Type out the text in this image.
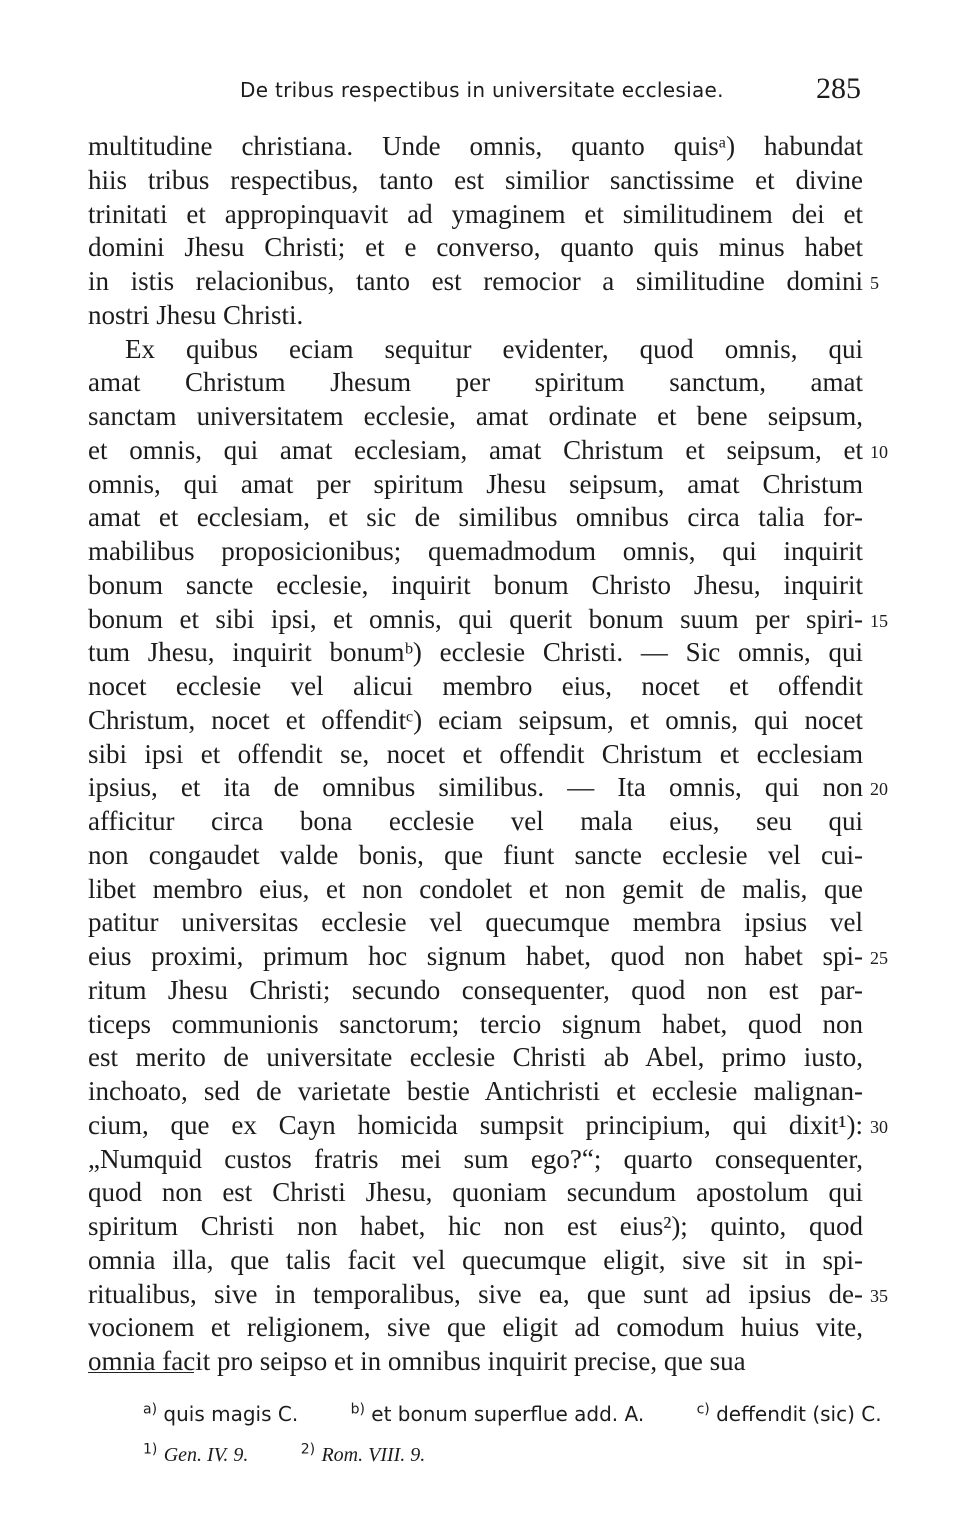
De tribus respectibus in universitate ecclesiae.	285
multitudine christiana. Unde omnis, quanto quisᵃ) habundat
hiis tribus respectibus, tanto est similior sanctissime et divine
trinitati et appropinquavit ad ymaginem et similitudinem dei et
domini Jhesu Christi; et e converso, quanto quis minus habet
in istis relacionibus, tanto est remocior a similitudine domini
nostri Jhesu Christi.
Ex quibus eciam sequitur evidenter, quod omnis, qui
amat Christum Jhesum per spiritum sanctum, amat
sanctam universitatem ecclesie, amat ordinate et bene seipsum,
et omnis, qui amat ecclesiam, amat Christum et seipsum, et
omnis, qui amat per spiritum Jhesu seipsum, amat Christum
amat et ecclesiam, et sic de similibus omnibus circa talia for-
mabilibus proposicionibus; quemadmodum omnis, qui inquirit
bonum sancte ecclesie, inquirit bonum Christo Jhesu, inquirit
bonum et sibi ipsi, et omnis, qui querit bonum suum per spiri-
tum Jhesu, inquirit bonumᵇ) ecclesie Christi. — Sic omnis, qui
nocet ecclesie vel alicui membro eius, nocet et offendit
Christum, nocet et offenditᶜ) eciam seipsum, et omnis, qui nocet
sibi ipsi et offendit se, nocet et offendit Christum et ecclesiam
ipsius, et ita de omnibus similibus. — Ita omnis, qui non
afficitur circa bona ecclesie vel mala eius, seu qui
non congaudet valde bonis, que fiunt sancte ecclesie vel cui-
libet membro eius, et non condolet et non gemit de malis, que
patitur universitas ecclesie vel quecumque membra ipsius vel
eius proximi, primum hoc signum habet, quod non habet spi-
ritum Jhesu Christi; secundo consequenter, quod non est par-
ticeps communionis sanctorum; tercio signum habet, quod non
est merito de universitate ecclesie Christi ab Abel, primo iusto,
inchoato, sed de varietate bestie Antichristi et ecclesie malignan-
cium, que ex Cayn homicida sumpsit principium, qui dixit¹):
„Numquid custos fratris mei sum ego?“; quarto consequenter,
quod non est Christi Jhesu, quoniam secundum apostolum qui
spiritum Christi non habet, hic non est eius²); quinto, quod
omnia illa, que talis facit vel quecumque eligit, sive sit in spi-
ritualibus, sive in temporalibus, sive ea, que sunt ad ipsius de-
vocionem et religionem, sive que eligit ad comodum huius vite,
omnia facit pro seipso et in omnibus inquirit precise, que sua
5
10
15
20
25
30
35
$^{a)}$ quis magis C.	$^{b)}$ et bonum superflue add. A.	$^{c)}$ deffendit (sic) C.
$^{1)}$ Gen. IV. 9.	$^{2)}$ Rom. VIII. 9.
